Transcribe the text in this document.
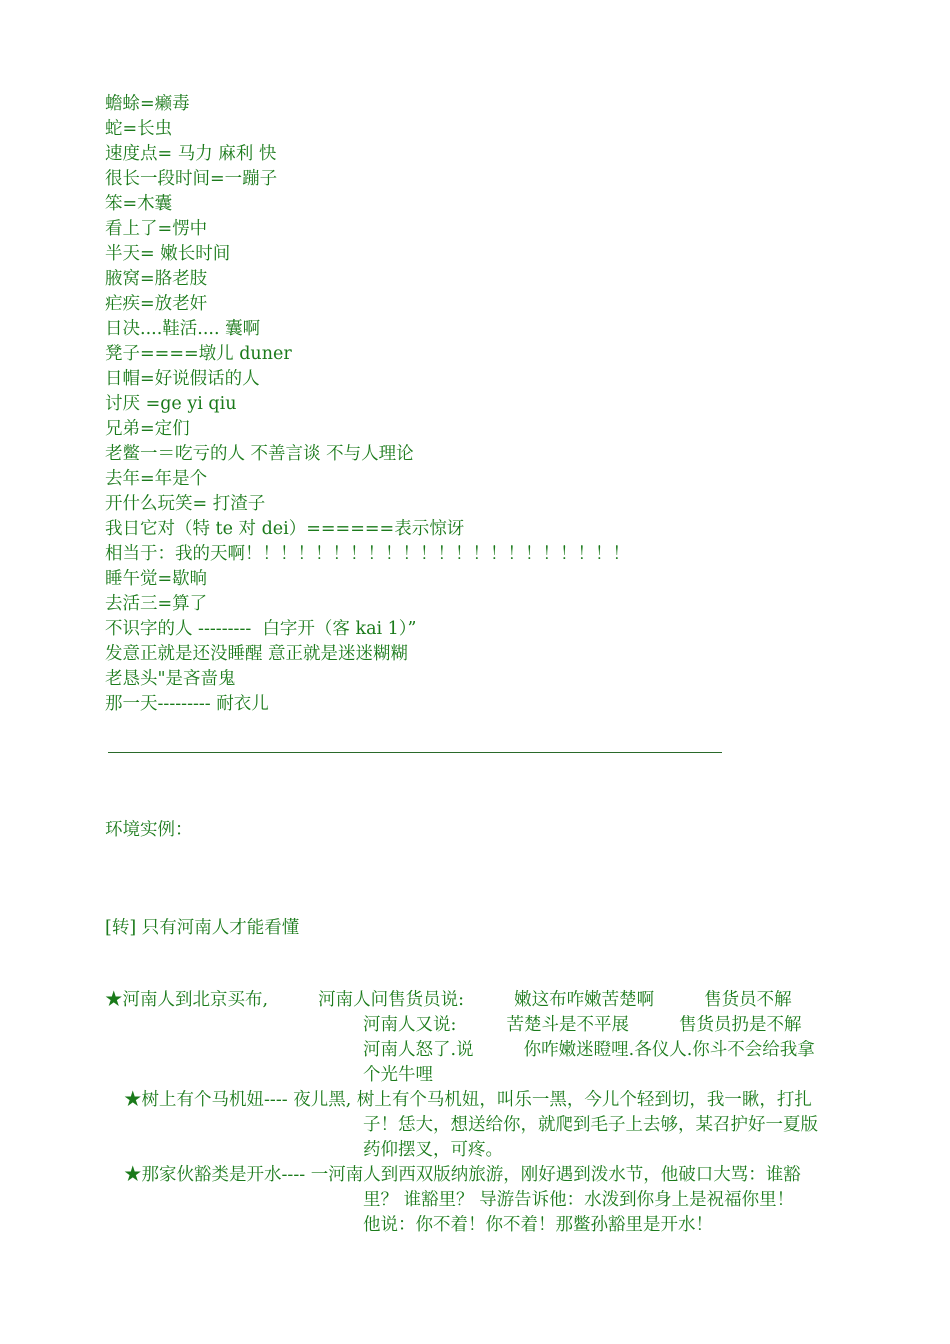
蟾蜍=癞毒
蛇=长虫
速度点= 马力 麻利 快
很长一段时间=一蹦子
笨=木囊
看上了=愣中
半天= 嫩长时间
腋窝=胳老肢
疟疾=放老奸
日决....鞋活.... 囊啊
凳子====墩儿 duner
日帽=好说假话的人
讨厌 =ge yi qiu
兄弟=定们
老鳖一＝吃亏的人 不善言谈 不与人理论
去年=年是个
开什么玩笑= 打渣子
我日它对（特 te 对 dei）======表示惊讶
相当于：我的天啊！！！！！！！！！！！！！！！！！！！！！！
睡午觉=歇晌
去活三=算了
不识字的人 ---------  白字开（客 kai 1）”
发意正就是还没睡醒 意正就是迷迷糊糊
老恳头"是吝啬鬼
那一天--------- 耐衣儿
环境实例：
[转] 只有河南人才能看懂
★河南人到北京买布,         河南人问售货员说:         嫩这布咋嫩苦楚啊         售货员不解
河南人又说:         苦楚斗是不平展         售货员扔是不解
河南人怒了.说         你咋嫩迷瞪哩.各仪人.你斗不会给我拿
个光牛哩
★树上有个马机妞---- 夜儿黑, 树上有个马机妞，叫乐一黑，今儿个轻到切，我一瞅，打扎
子！恁大，想送给你，就爬到毛子上去够，某召护好一夏版
药仰摆叉，可疼。
★那家伙豁类是开水---- 一河南人到西双版纳旅游，刚好遇到泼水节，他破口大骂：谁豁
里？ 谁豁里？ 导游告诉他：水泼到你身上是祝福你里！
他说：你不着！你不着！那鳖孙豁里是开水！
